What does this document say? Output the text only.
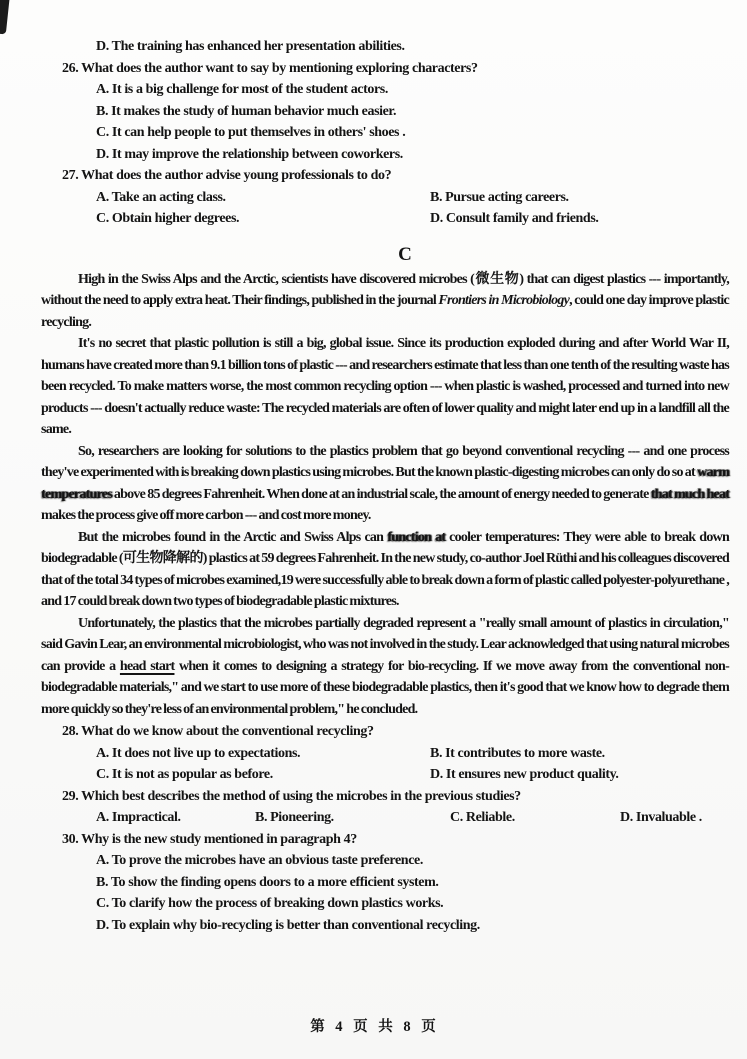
D. The training has enhanced her presentation abilities.
26. What does the author want to say by mentioning exploring characters?
A. It is a big challenge for most of the student actors.
B. It makes the study of human behavior much easier.
C. It can help people to put themselves in others' shoes .
D. It may improve the relationship between coworkers.
27. What does the author advise young professionals to do?
A. Take an acting class.	B. Pursue acting careers.
C. Obtain higher degrees.	D. Consult family and friends.
C

High in the Swiss Alps and the Arctic, scientists have discovered microbes (微生物) that can digest plastics --- importantly, without the need to apply extra heat. Their findings, published in the journal Frontiers in Microbiology, could one day improve plastic recycling.

It's no secret that plastic pollution is still a big, global issue. Since its production exploded during and after World War II, humans have created more than 9.1 billion tons of plastic --- and researchers estimate that less than one tenth of the resulting waste has been recycled. To make matters worse, the most common recycling option --- when plastic is washed, processed and turned into new products --- doesn't actually reduce waste: The recycled materials are often of lower quality and might later end up in a landfill all the same.

So, researchers are looking for solutions to the plastics problem that go beyond conventional recycling --- and one process they've experimented with is breaking down plastics using microbes. But the known plastic-digesting microbes can only do so at warm temperatures above 85 degrees Fahrenheit. When done at an industrial scale, the amount of energy needed to generate that much heat makes the process give off more carbon --- and cost more money.

But the microbes found in the Arctic and Swiss Alps can function at cooler temperatures: They were able to break down biodegradable (可生物降解的) plastics at 59 degrees Fahrenheit. In the new study, co-author Joel Rüthi and his colleagues discovered that of the total 34 types of microbes examined,19 were successfully able to break down a form of plastic called polyester-polyurethane , and 17 could break down two types of biodegradable plastic mixtures.

Unfortunately, the plastics that the microbes partially degraded represent a "really small amount of plastics in circulation," said Gavin Lear, an environmental microbiologist, who was not involved in the study. Lear acknowledged that using natural microbes can provide a head start when it comes to designing a strategy for bio-recycling. If we move away from the conventional non-biodegradable materials," and we start to use more of these biodegradable plastics, then it's good that we know how to degrade them more quickly so they're less of an environmental problem," he concluded.

28. What do we know about the conventional recycling?
A. It does not live up to expectations.	B. It contributes to more waste.
C. It is not as popular as before.	D. It ensures new product quality.
29. Which best describes the method of using the microbes in the previous studies?
A. Impractical.	B. Pioneering.	C. Reliable.	D. Invaluable .
30. Why is the new study mentioned in paragraph 4?
A. To prove the microbes have an obvious taste preference.
B. To show the finding opens doors to a more efficient system.
C. To clarify how the process of breaking down plastics works.
D. To explain why bio-recycling is better than conventional recycling.
第 4 页 共 8 页
